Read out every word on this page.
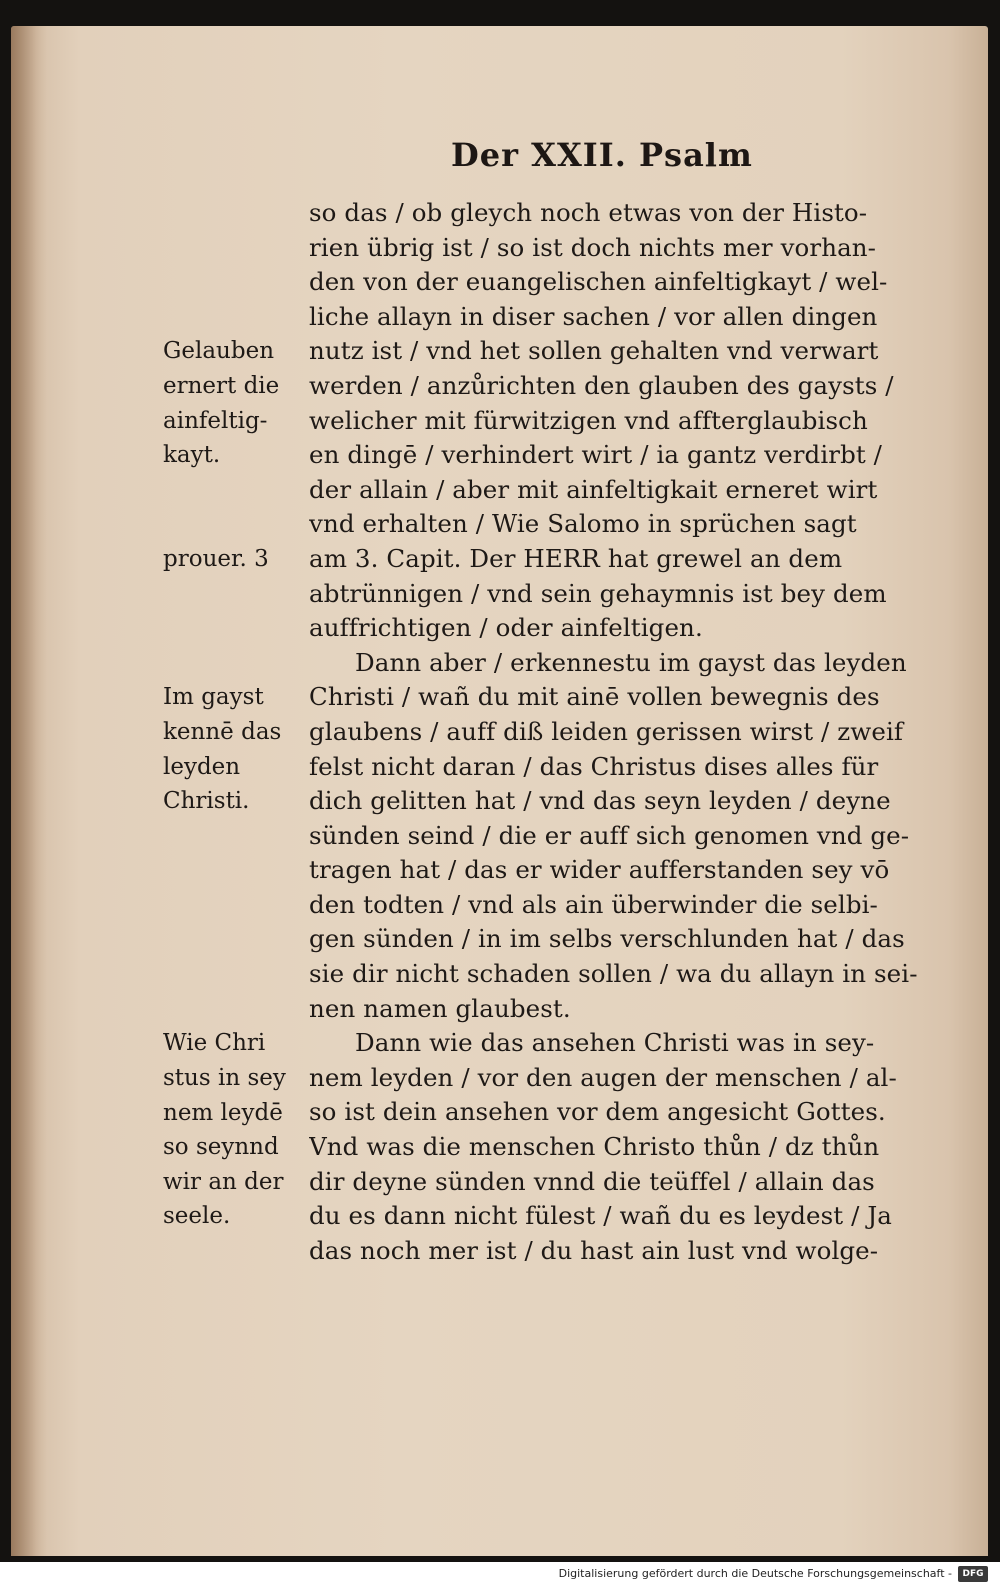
Der XXII. Psalm
so das / ob gleych noch etwas von der Histo-
rien übrig ist / so ist doch nichts mer vorhan-
den von der euangelischen ainfeltigkayt / wel-
liche allayn in diser sachen / vor allen dingen
nutz ist / vnd het sollen gehalten vnd verwart
werden / anzůrichten den glauben des gaysts /
welicher mit fürwitzigen vnd affterglaubisch
en dingē / verhindert wirt / ia gantz verdirbt /
der allain / aber mit ainfeltigkait erneret wirt
vnd erhalten / Wie Salomo in sprüchen sagt
am 3. Capit. Der HERR hat grewel an dem
abtrünnigen / vnd sein gehaymnis ist bey dem
auffrichtigen / oder ainfeltigen.
Dann aber / erkennestu im gayst das leyden
Christi / wañ du mit ainē vollen bewegnis des
glaubens / auff diß leiden gerissen wirst / zweif
felst nicht daran / das Christus dises alles für
dich gelitten hat / vnd das seyn leyden / deyne
sünden seind / die er auff sich genomen vnd ge-
tragen hat / das er wider aufferstanden sey vō
den todten / vnd als ain überwinder die selbi-
gen sünden / in im selbs verschlunden hat / das
sie dir nicht schaden sollen / wa du allayn in sei-
nen namen glaubest.
Dann wie das ansehen Christi was in sey-
nem leyden / vor den augen der menschen / al-
so ist dein ansehen vor dem angesicht Gottes.
Vnd was die menschen Christo thůn / dz thůn
dir deyne sünden vnnd die teüffel / allain das
du es dann nicht fülest / wañ du es leydest / Ja
das noch mer ist / du hast ain lust vnd wolge-
Gelauben
ernert die
ainfeltig-
kayt.
prouer. 3
Im gayst
kennē das
leyden
Christi.
Wie Chri
stus in sey
nem leydē
so seynnd
wir an der
seele.
Digitalisierung gefördert durch die Deutsche Forschungsgemeinschaft -	DFG
